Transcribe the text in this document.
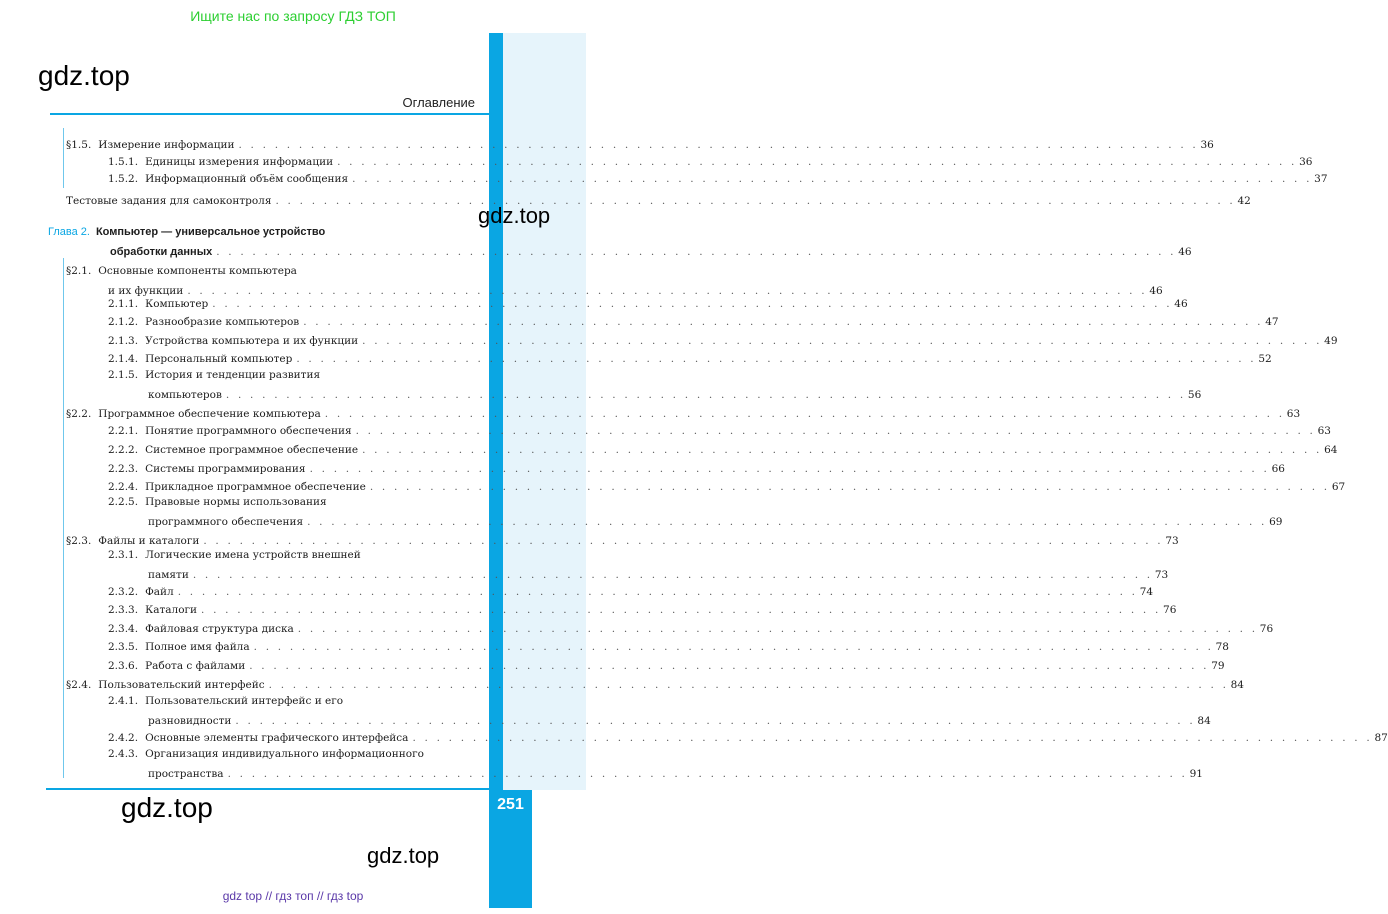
251
Ищите нас по запросу ГДЗ ТОП
gdz.top
gdz.top
gdz.top
gdz.top
Оглавление
§1.5. Измерение информации . . . . . . . . . . . . . . . . . . . . . . . . . . . . . . . . . . . . . . . . . . . . . . . . . . . . . . . . . . . . . . . . . . . . . . . . . . . . . . . . 36
1.5.1. Единицы измерения информации . . . . . . . . . . . . . . . . . . . . . . . . . . . . . . . . . . . . . . . . . . . . . . . . . . . . . . . . . . . . . . . . . . . . . . . . . . . . . . . . 36
1.5.2. Информационный объём сообщения . . . . . . . . . . . . . . . . . . . . . . . . . . . . . . . . . . . . . . . . . . . . . . . . . . . . . . . . . . . . . . . . . . . . . . . . . . . . . . . . 37
Тестовые задания для самоконтроля . . . . . . . . . . . . . . . . . . . . . . . . . . . . . . . . . . . . . . . . . . . . . . . . . . . . . . . . . . . . . . . . . . . . . . . . . . . . . . . . 42
Глава 2. Компьютер — универсальное устройство
обработки данных . . . . . . . . . . . . . . . . . . . . . . . . . . . . . . . . . . . . . . . . . . . . . . . . . . . . . . . . . . . . . . . . . . . . . . . . . . . . . . . . 46
§2.1. Основные компоненты компьютера
и их функции . . . . . . . . . . . . . . . . . . . . . . . . . . . . . . . . . . . . . . . . . . . . . . . . . . . . . . . . . . . . . . . . . . . . . . . . . . . . . . . . 46
2.1.1. Компьютер . . . . . . . . . . . . . . . . . . . . . . . . . . . . . . . . . . . . . . . . . . . . . . . . . . . . . . . . . . . . . . . . . . . . . . . . . . . . . . . . 46
2.1.2. Разнообразие компьютеров . . . . . . . . . . . . . . . . . . . . . . . . . . . . . . . . . . . . . . . . . . . . . . . . . . . . . . . . . . . . . . . . . . . . . . . . . . . . . . . . 47
2.1.3. Устройства компьютера и их функции . . . . . . . . . . . . . . . . . . . . . . . . . . . . . . . . . . . . . . . . . . . . . . . . . . . . . . . . . . . . . . . . . . . . . . . . . . . . . . . . 49
2.1.4. Персональный компьютер . . . . . . . . . . . . . . . . . . . . . . . . . . . . . . . . . . . . . . . . . . . . . . . . . . . . . . . . . . . . . . . . . . . . . . . . . . . . . . . . 52
2.1.5. История и тенденции развития
компьютеров . . . . . . . . . . . . . . . . . . . . . . . . . . . . . . . . . . . . . . . . . . . . . . . . . . . . . . . . . . . . . . . . . . . . . . . . . . . . . . . . 56
§2.2. Программное обеспечение компьютера . . . . . . . . . . . . . . . . . . . . . . . . . . . . . . . . . . . . . . . . . . . . . . . . . . . . . . . . . . . . . . . . . . . . . . . . . . . . . . . . 63
2.2.1. Понятие программного обеспечения . . . . . . . . . . . . . . . . . . . . . . . . . . . . . . . . . . . . . . . . . . . . . . . . . . . . . . . . . . . . . . . . . . . . . . . . . . . . . . . . 63
2.2.2. Системное программное обеспечение . . . . . . . . . . . . . . . . . . . . . . . . . . . . . . . . . . . . . . . . . . . . . . . . . . . . . . . . . . . . . . . . . . . . . . . . . . . . . . . . 64
2.2.3. Системы программирования . . . . . . . . . . . . . . . . . . . . . . . . . . . . . . . . . . . . . . . . . . . . . . . . . . . . . . . . . . . . . . . . . . . . . . . . . . . . . . . . 66
2.2.4. Прикладное программное обеспечение . . . . . . . . . . . . . . . . . . . . . . . . . . . . . . . . . . . . . . . . . . . . . . . . . . . . . . . . . . . . . . . . . . . . . . . . . . . . . . . . 67
2.2.5. Правовые нормы использования
программного обеспечения . . . . . . . . . . . . . . . . . . . . . . . . . . . . . . . . . . . . . . . . . . . . . . . . . . . . . . . . . . . . . . . . . . . . . . . . . . . . . . . . 69
§2.3. Файлы и каталоги . . . . . . . . . . . . . . . . . . . . . . . . . . . . . . . . . . . . . . . . . . . . . . . . . . . . . . . . . . . . . . . . . . . . . . . . . . . . . . . . 73
2.3.1. Логические имена устройств внешней
памяти . . . . . . . . . . . . . . . . . . . . . . . . . . . . . . . . . . . . . . . . . . . . . . . . . . . . . . . . . . . . . . . . . . . . . . . . . . . . . . . . 73
2.3.2. Файл . . . . . . . . . . . . . . . . . . . . . . . . . . . . . . . . . . . . . . . . . . . . . . . . . . . . . . . . . . . . . . . . . . . . . . . . . . . . . . . . 74
2.3.3. Каталоги . . . . . . . . . . . . . . . . . . . . . . . . . . . . . . . . . . . . . . . . . . . . . . . . . . . . . . . . . . . . . . . . . . . . . . . . . . . . . . . . 76
2.3.4. Файловая структура диска . . . . . . . . . . . . . . . . . . . . . . . . . . . . . . . . . . . . . . . . . . . . . . . . . . . . . . . . . . . . . . . . . . . . . . . . . . . . . . . . 76
2.3.5. Полное имя файла . . . . . . . . . . . . . . . . . . . . . . . . . . . . . . . . . . . . . . . . . . . . . . . . . . . . . . . . . . . . . . . . . . . . . . . . . . . . . . . . 78
2.3.6. Работа с файлами . . . . . . . . . . . . . . . . . . . . . . . . . . . . . . . . . . . . . . . . . . . . . . . . . . . . . . . . . . . . . . . . . . . . . . . . . . . . . . . . 79
§2.4. Пользовательский интерфейс . . . . . . . . . . . . . . . . . . . . . . . . . . . . . . . . . . . . . . . . . . . . . . . . . . . . . . . . . . . . . . . . . . . . . . . . . . . . . . . . 84
2.4.1. Пользовательский интерфейс и его
разновидности . . . . . . . . . . . . . . . . . . . . . . . . . . . . . . . . . . . . . . . . . . . . . . . . . . . . . . . . . . . . . . . . . . . . . . . . . . . . . . . . 84
2.4.2. Основные элементы графического интерфейса . . . . . . . . . . . . . . . . . . . . . . . . . . . . . . . . . . . . . . . . . . . . . . . . . . . . . . . . . . . . . . . . . . . . . . . . . . . . . . . . 87
2.4.3. Организация индивидуального информационного
пространства . . . . . . . . . . . . . . . . . . . . . . . . . . . . . . . . . . . . . . . . . . . . . . . . . . . . . . . . . . . . . . . . . . . . . . . . . . . . . . . . 91
gdz top // гдз топ // гдз top
